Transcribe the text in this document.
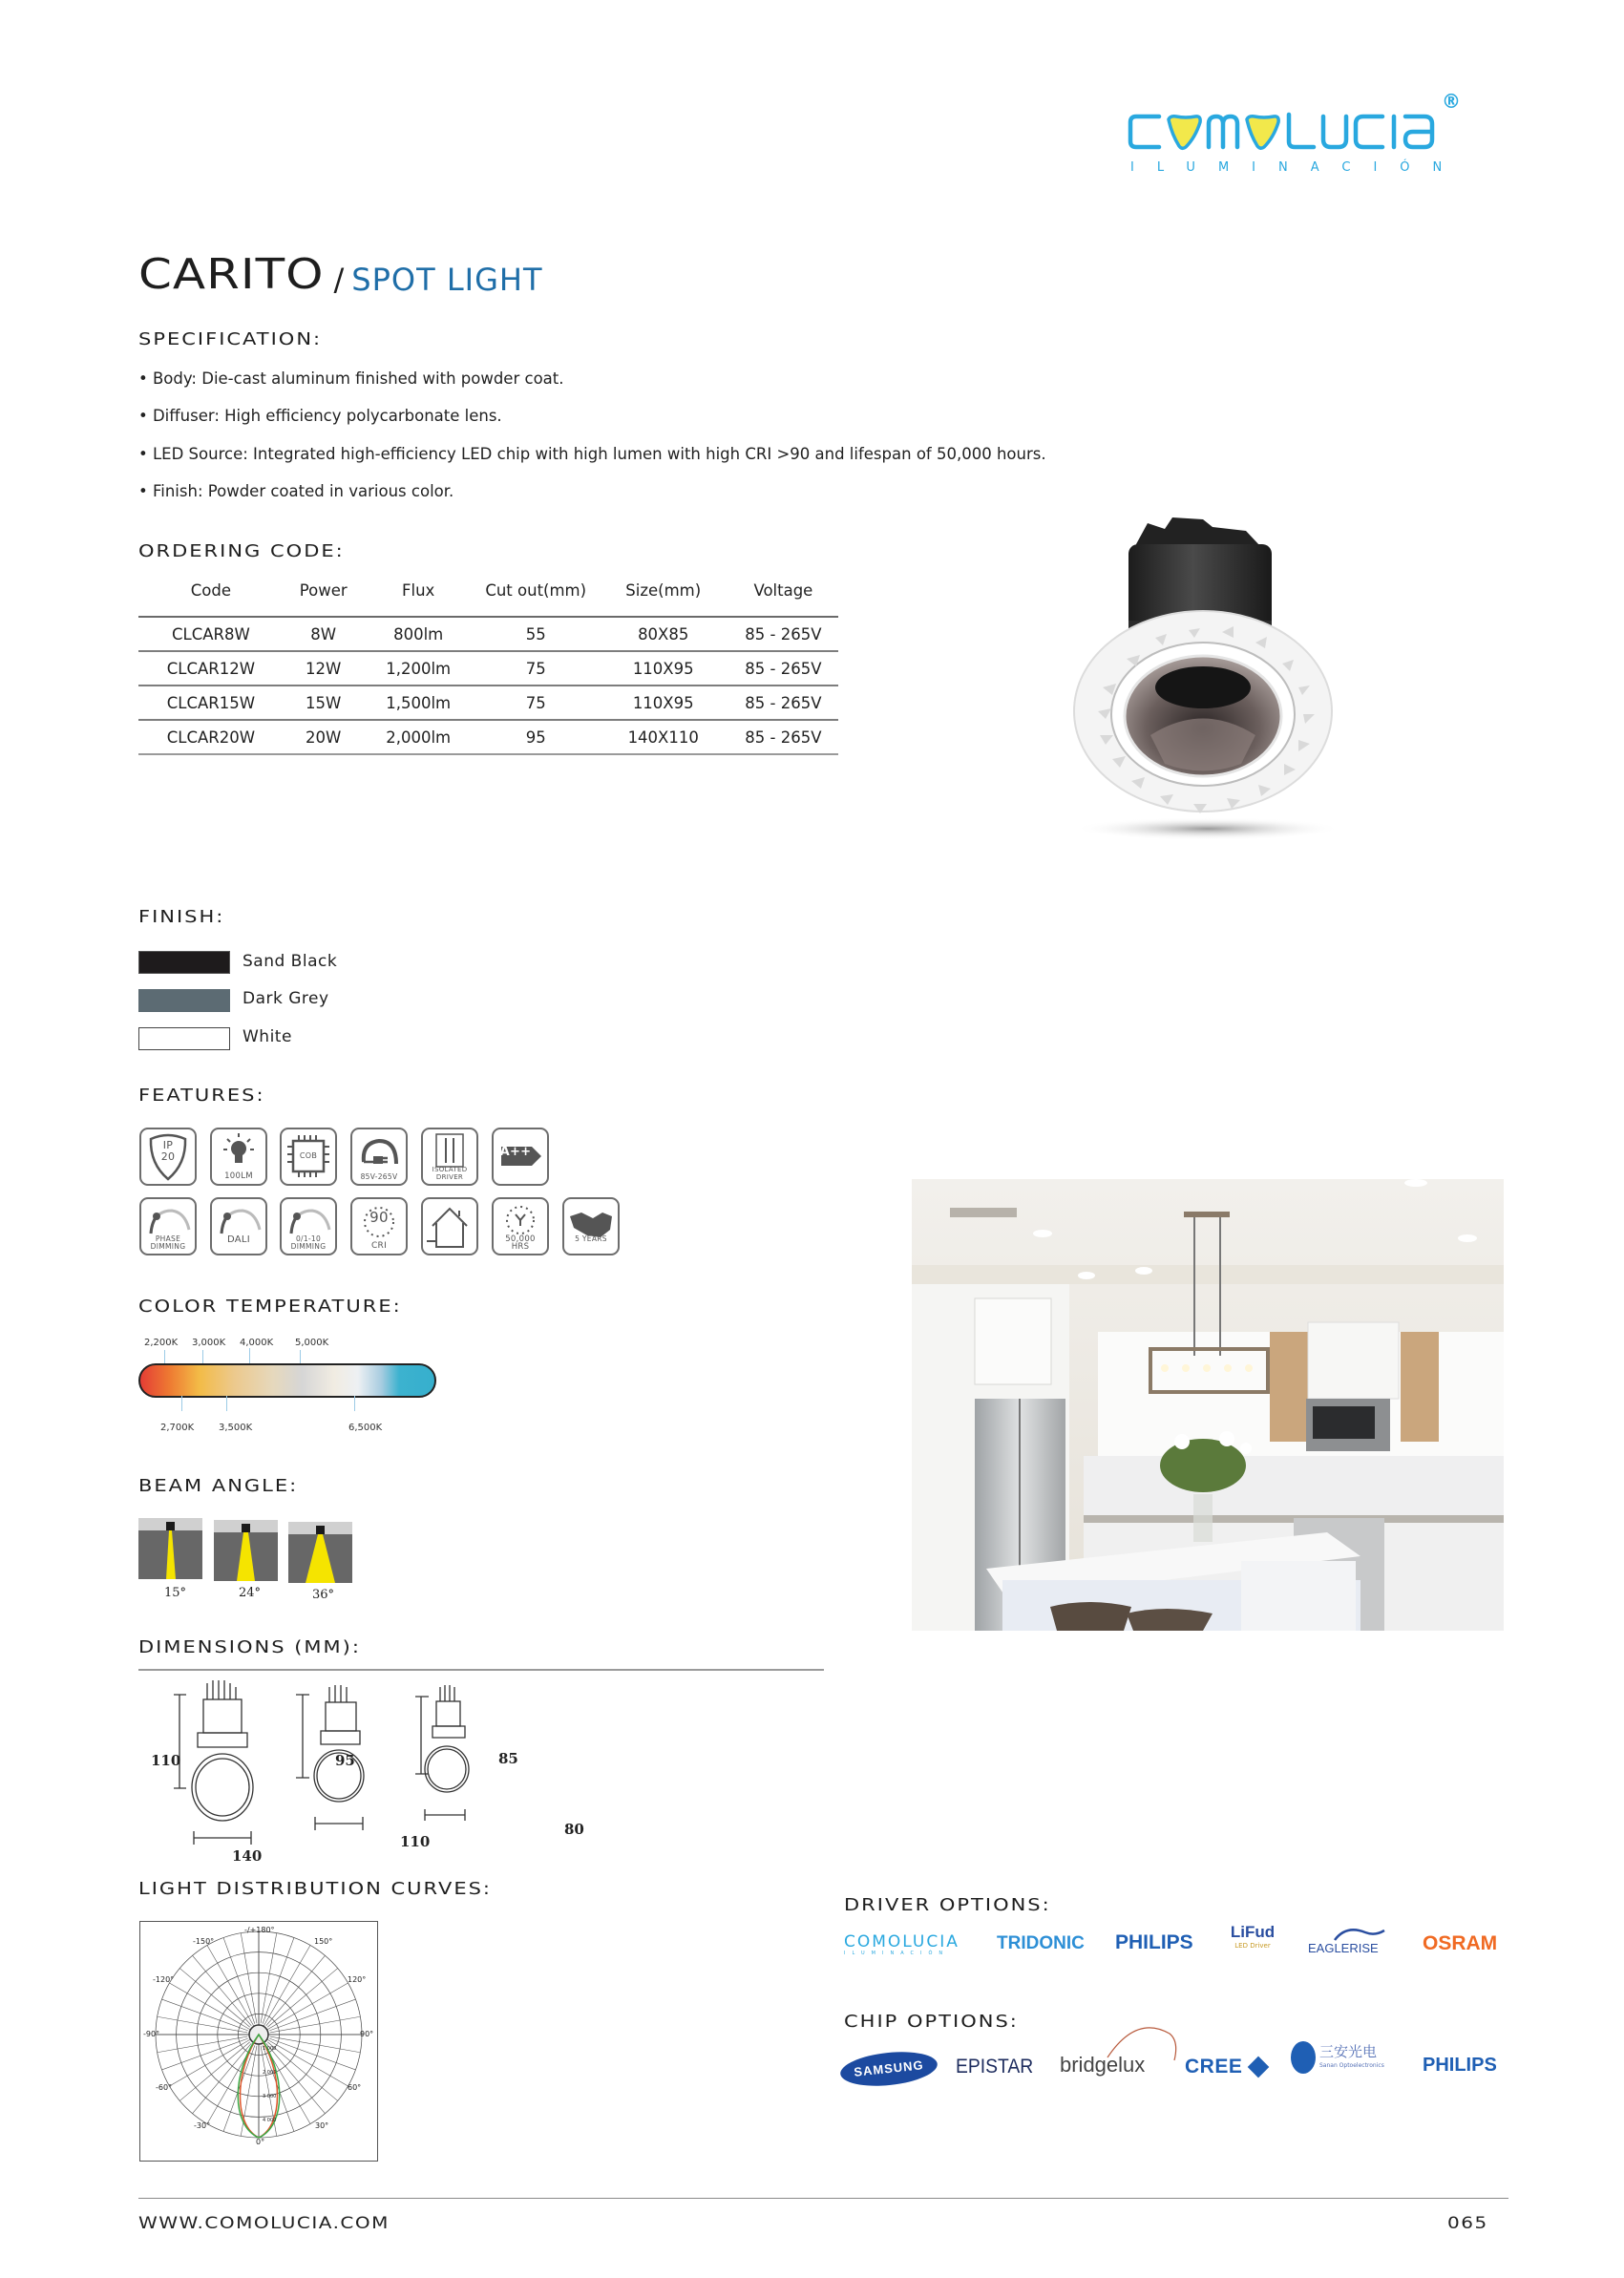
®
ILUMINACIÓN
CARITO / SPOT LIGHT
SPECIFICATION:
• Body: Die-cast aluminum finished with powder coat.
• Diffuser: High efficiency polycarbonate lens.
• LED Source: Integrated high-efficiency LED chip with high lumen with high CRI >90 and lifespan of 50,000 hours.
• Finish: Powder coated in various color.
ORDERING CODE:
Code	Power	Flux	Cut out(mm)	Size(mm)	Voltage
CLCAR8W	8W	800lm	55	80X85	85 - 265V
CLCAR12W	12W	1,200lm	75	110X95	85 - 265V
CLCAR15W	15W	1,500lm	75	110X95	85 - 265V
CLCAR20W	20W	2,000lm	95	140X110	85 - 265V
FINISH:
Sand Black
Dark Grey
White
FEATURES:
IP
20
100LM
COB
85V-265V
ISOLATED
DRIVER
A++
PHASE
DIMMING
DALI	0/1-10
DIMMING
90
CRI
50,000
HRS
5 YEARS
COLOR TEMPERATURE:
2,200K 3,000K 4,000K 5,000K
2,700K	3,500K	6,500K
BEAM ANGLE:
15°	24°	36°
DIMENSIONS (MM):
110
140
95
110
85
80
LIGHT DISTRIBUTION CURVES:
-/+180°
-150°	150°
-120°	120°
-90°	90°
-60°	60°
-30°	30°
0°
1 000
2 000
3 000
4 000
DRIVER OPTIONS:
COMOLUCIA
ILUMINACIÓN	TRIDONIC PHILIPS LiFud
LED Driver	EAGLERISE OSRAM
CHIP OPTIONS:
SAMSUNG	EPISTAR bridgelux CREE
三安光电
Sanan Optoelectronics PHILIPS
WWW.COMOLUCIA.COM	065
